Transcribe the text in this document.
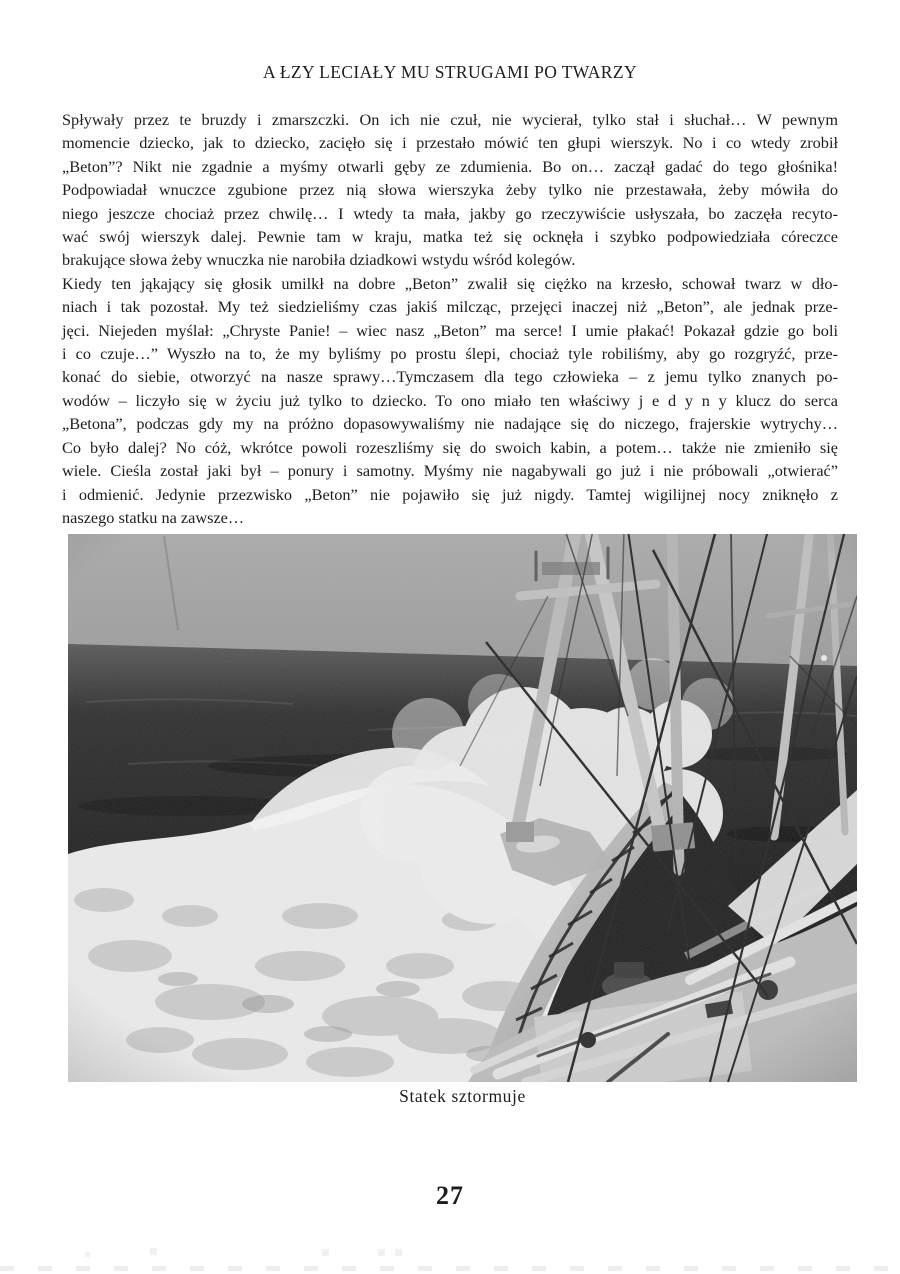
A ŁZY LECIAŁY MU STRUGAMI PO TWARZY
Spływały przez te bruzdy i zmarszczki. On ich nie czuł, nie wycierał, tylko stał i słuchał… W pewnym
momencie dziecko, jak to dziecko, zacięło się i przestało mówić ten głupi wierszyk. No i co wtedy zrobił
„Beton”? Nikt nie zgadnie a myśmy otwarli gęby ze zdumienia. Bo on… zaczął gadać do tego głośnika!
Podpowiadał wnuczce zgubione przez nią słowa wierszyka żeby tylko nie przestawała, żeby mówiła do
niego jeszcze chociaż przez chwilę… I wtedy ta mała, jakby go rzeczywiście usłyszała, bo zaczęła recyto-
wać swój wierszyk dalej. Pewnie tam w kraju, matka też się ocknęła i szybko podpowiedziała córeczce
brakujące słowa żeby wnuczka nie narobiła dziadkowi wstydu wśród kolegów.
Kiedy ten jąkający się głosik umilkł na dobre „Beton” zwalił się ciężko na krzesło, schował twarz w dło-
niach i tak pozostał. My też siedzieliśmy czas jakiś milcząc, przejęci inaczej niż „Beton”, ale jednak prze-
jęci. Niejeden myślał: „Chryste Panie! – wiec nasz „Beton” ma serce! I umie płakać! Pokazał gdzie go boli
i co czuje…” Wyszło na to, że my byliśmy po prostu ślepi, chociaż tyle robiliśmy, aby go rozgryźć, prze-
konać do siebie, otworzyć na nasze sprawy…Tymczasem dla tego człowieka – z jemu tylko znanych po-
wodów – liczyło się w życiu już tylko to dziecko. To ono miało ten właściwy j e d y n y klucz do serca
„Betona”, podczas gdy my na próżno dopasowywaliśmy nie nadające się do niczego, frajerskie wytrychy…
Co było dalej? No cóż, wkrótce powoli rozeszliśmy się do swoich kabin, a potem… także nie zmieniło się
wiele. Cieśla został jaki był – ponury i samotny. Myśmy nie nagabywali go już i nie próbowali „otwierać”
i odmienić. Jedynie przezwisko „Beton” nie pojawiło się już nigdy. Tamtej wigilijnej nocy zniknęło z
naszego statku na zawsze…
Statek sztormuje
27
